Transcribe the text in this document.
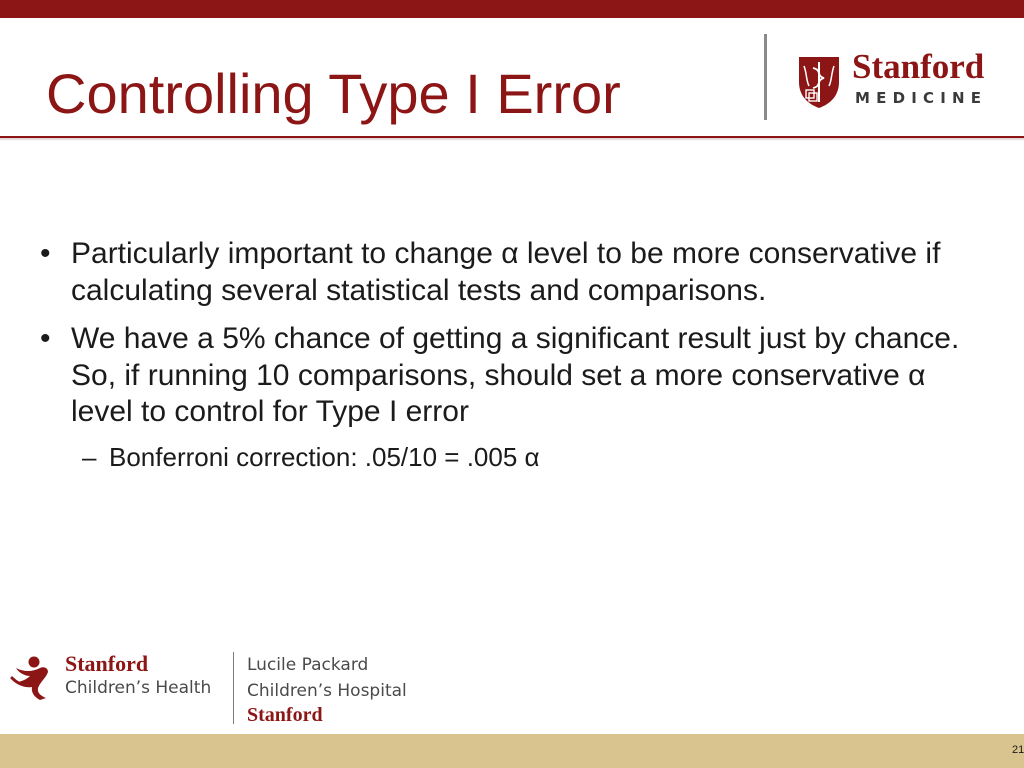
Controlling Type I Error	Stanford
MEDICINE
• Particularly important to change α level to be more conservative if calculating several statistical tests and comparisons.
• We have a 5% chance of getting a significant result just by chance. So, if running 10 comparisons, should set a more conservative α level to control for Type I error
– Bonferroni correction: .05/10 = .005 α
Stanford
Children’s Health
Lucile Packard
Children’s Hospital
Stanford
21
